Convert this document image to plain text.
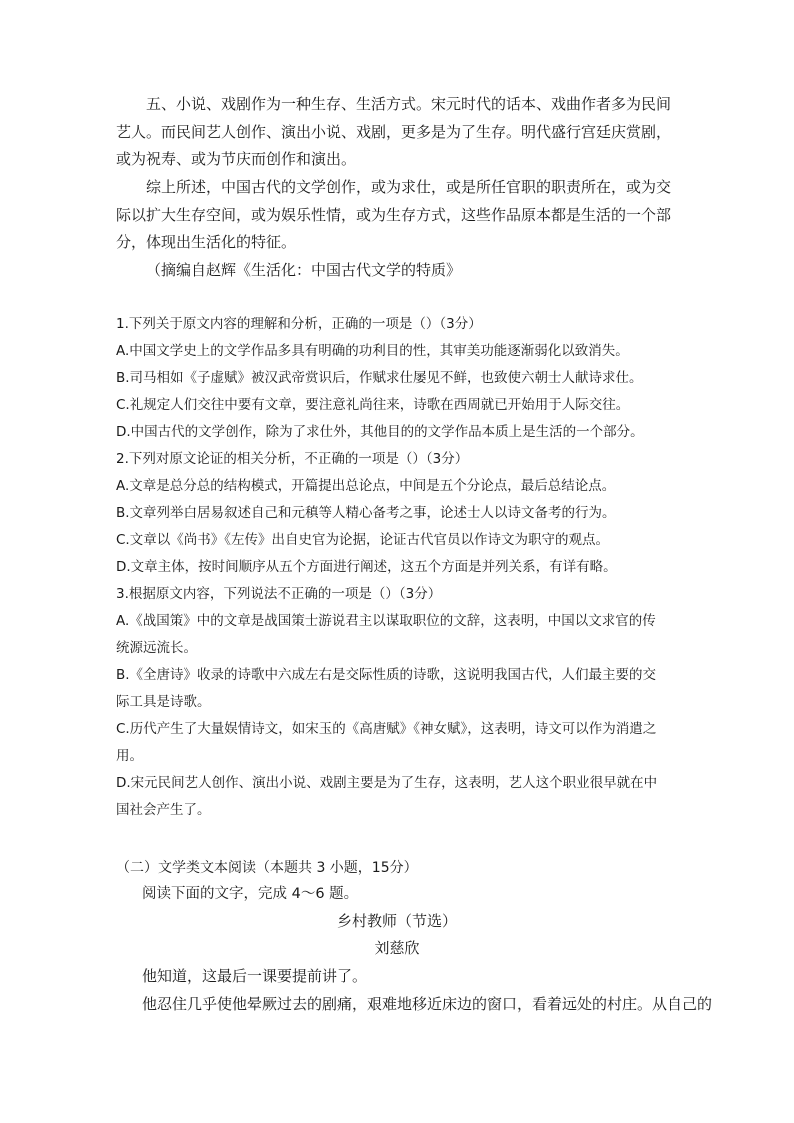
五、小说、戏剧作为一种生存、生活方式。宋元时代的话本、戏曲作者多为民间艺人。而民间艺人创作、演出小说、戏剧，更多是为了生存。明代盛行宫廷庆赏剧，或为祝寿、或为节庆而创作和演出。

综上所述，中国古代的文学创作，或为求仕，或是所任官职的职责所在，或为交际以扩大生存空间，或为娱乐性情，或为生存方式，这些作品原本都是生活的一个部分，体现出生活化的特征。

（摘编自赵辉《生活化：中国古代文学的特质》

1.下列关于原文内容的理解和分析，正确的一项是（）（3分）
A.中国文学史上的文学作品多具有明确的功利目的性，其审美功能逐渐弱化以致消失。
B.司马相如《子虚赋》被汉武帝赏识后，作赋求仕屡见不鲜，也致使六朝士人献诗求仕。
C.礼规定人们交往中要有文章，要注意礼尚往来，诗歌在西周就已开始用于人际交往。
D.中国古代的文学创作，除为了求仕外，其他目的的文学作品本质上是生活的一个部分。
2.下列对原文论证的相关分析，不正确的一项是（）（3分）
A.文章是总分总的结构模式，开篇提出总论点，中间是五个分论点，最后总结论点。
B.文章列举白居易叙述自己和元稹等人精心备考之事，论述士人以诗文备考的行为。
C.文章以《尚书》《左传》出自史官为论据，论证古代官员以作诗文为职守的观点。
D.文章主体，按时间顺序从五个方面进行阐述，这五个方面是并列关系，有详有略。
3.根据原文内容，下列说法不正确的一项是（）（3分）
A.《战国策》中的文章是战国策士游说君主以谋取职位的文辞，这表明，中国以文求官的传
统源远流长。
B.《全唐诗》收录的诗歌中六成左右是交际性质的诗歌，这说明我国古代，人们最主要的交
际工具是诗歌。
C.历代产生了大量娱情诗文，如宋玉的《高唐赋》《神女赋》，这表明，诗文可以作为消遣之
用。
D.宋元民间艺人创作、演出小说、戏剧主要是为了生存，这表明，艺人这个职业很早就在中
国社会产生了。

（二）文学类文本阅读（本题共 3 小题，15分）

阅读下面的文字，完成 4～6 题。

乡村教师（节选）
刘慈欣

他知道，这最后一课要提前讲了。

他忍住几乎使他晕厥过去的剧痛，艰难地移近床边的窗口，看着远处的村庄。从自己的
